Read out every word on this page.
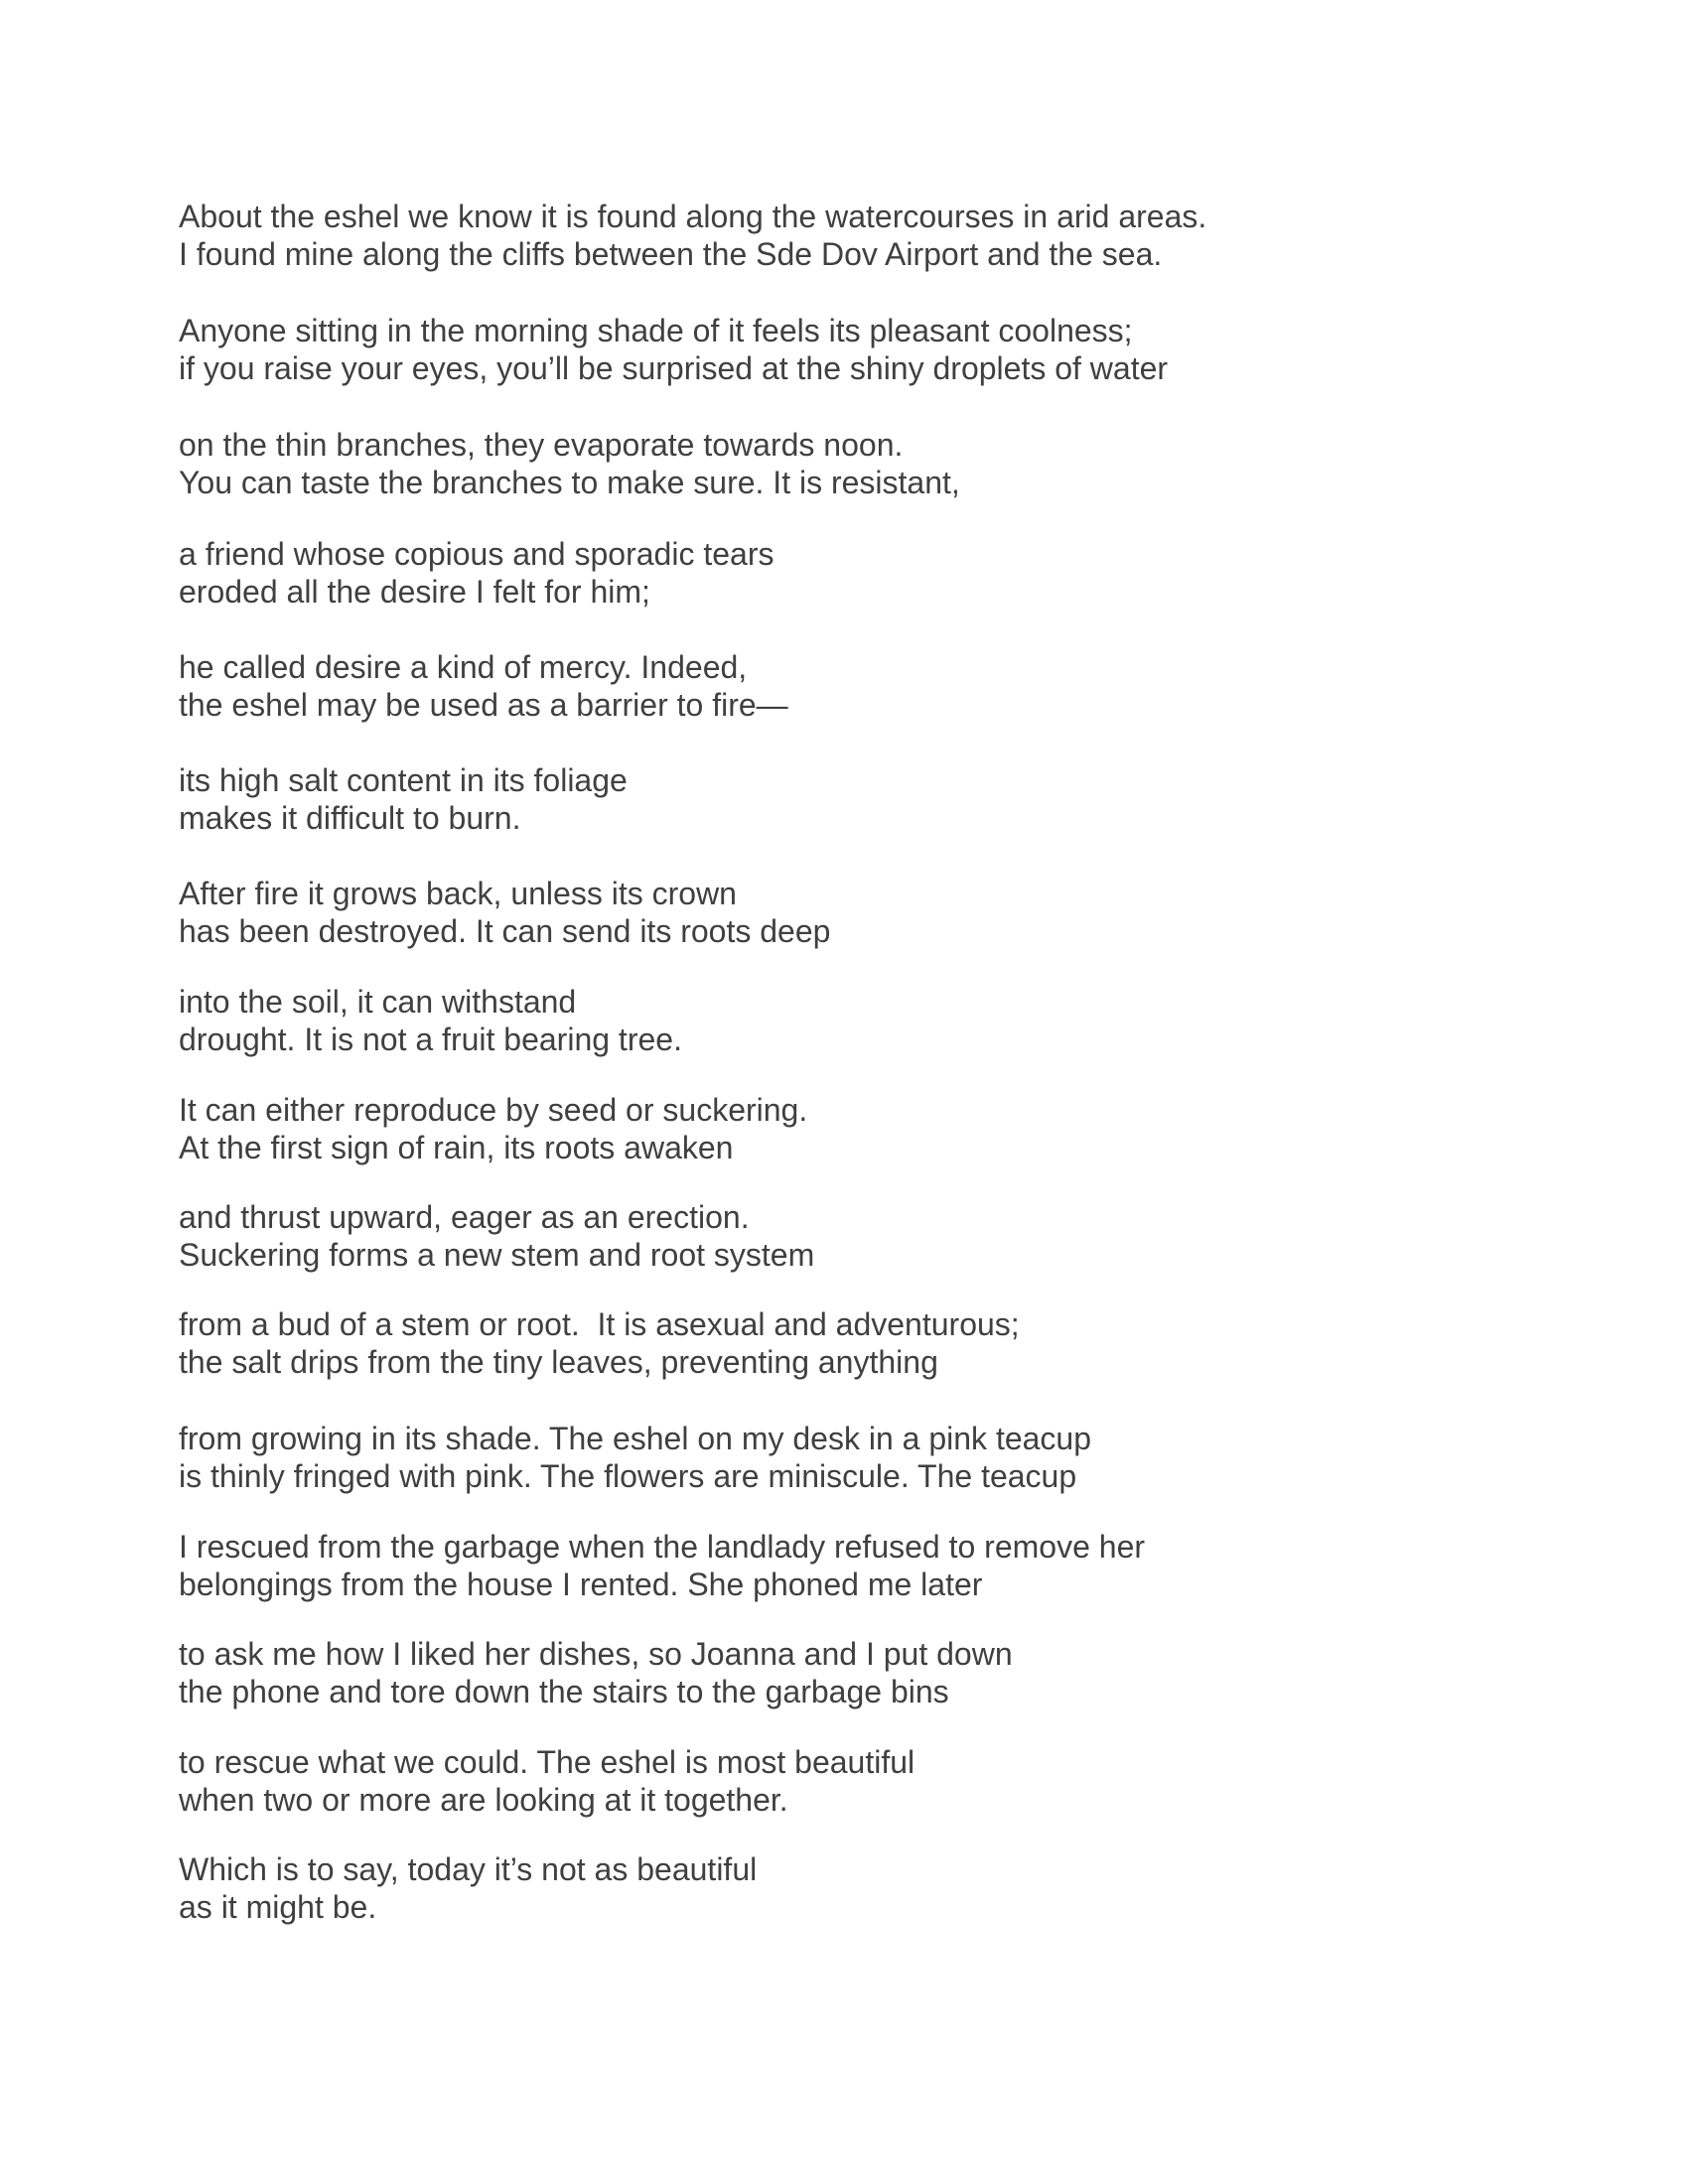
About the eshel we know it is found along the watercourses in arid areas.
I found mine along the cliffs between the Sde Dov Airport and the sea.
Anyone sitting in the morning shade of it feels its pleasant coolness;
if you raise your eyes, you’ll be surprised at the shiny droplets of water
on the thin branches, they evaporate towards noon.
You can taste the branches to make sure. It is resistant,
a friend whose copious and sporadic tears
eroded all the desire I felt for him;
he called desire a kind of mercy. Indeed,
the eshel may be used as a barrier to fire—
its high salt content in its foliage
makes it difficult to burn.
After fire it grows back, unless its crown
has been destroyed. It can send its roots deep
into the soil, it can withstand
drought. It is not a fruit bearing tree.
It can either reproduce by seed or suckering.
At the first sign of rain, its roots awaken
and thrust upward, eager as an erection.
Suckering forms a new stem and root system
from a bud of a stem or root.  It is asexual and adventurous;
the salt drips from the tiny leaves, preventing anything
from growing in its shade. The eshel on my desk in a pink teacup
is thinly fringed with pink. The flowers are miniscule. The teacup
I rescued from the garbage when the landlady refused to remove her
belongings from the house I rented. She phoned me later
to ask me how I liked her dishes, so Joanna and I put down
the phone and tore down the stairs to the garbage bins
to rescue what we could. The eshel is most beautiful
when two or more are looking at it together.
Which is to say, today it’s not as beautiful
as it might be.
